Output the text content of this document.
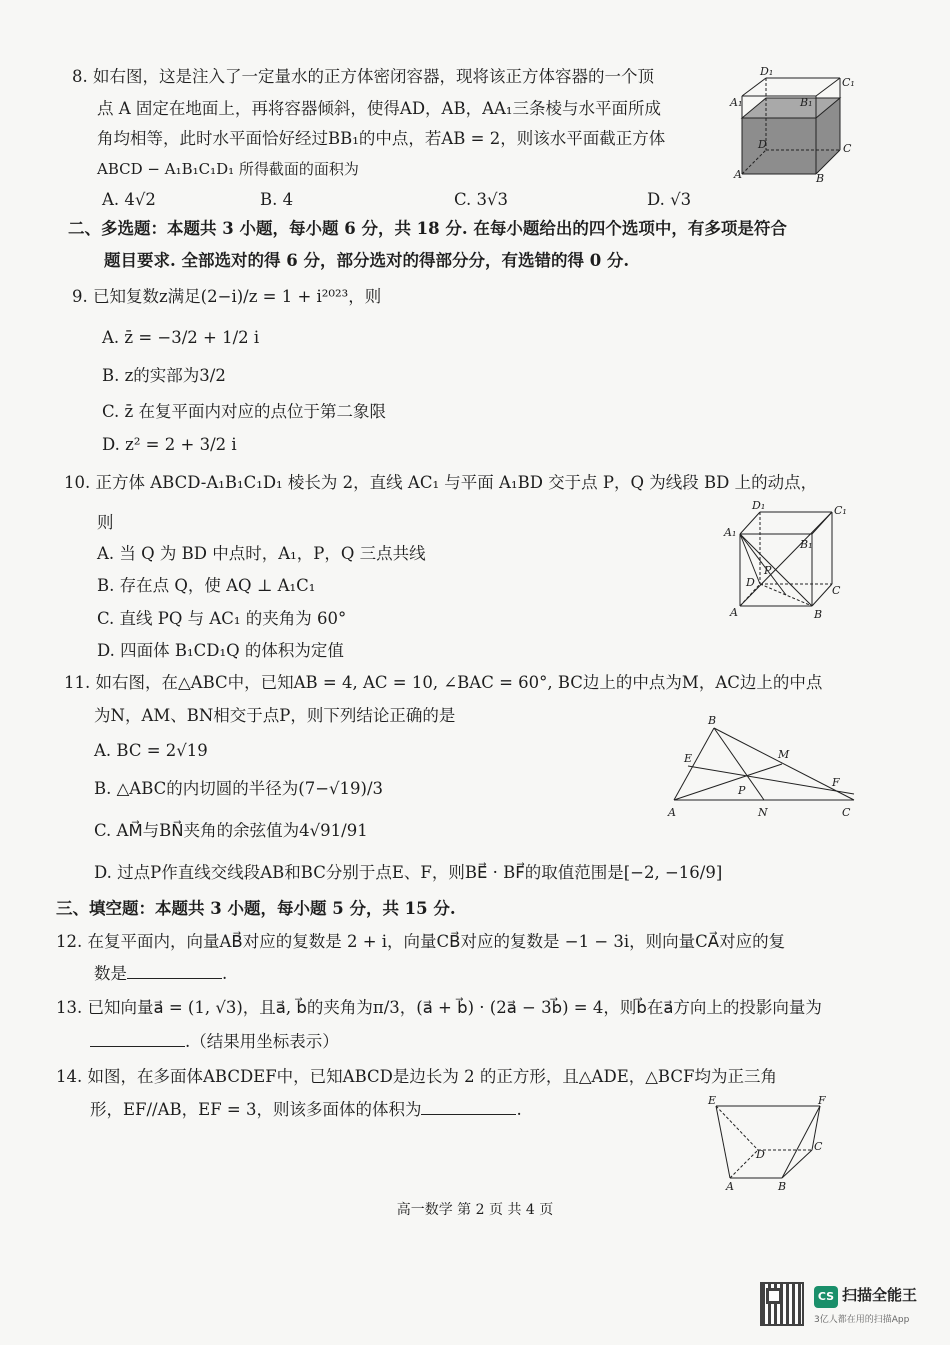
8. 如右图，这是注入了一定量水的正方体密闭容器，现将该正方体容器的一个顶
点 A 固定在地面上，再将容器倾斜，使得AD，AB，AA₁三条棱与水平面所成
角均相等，此时水平面恰好经过BB₁的中点，若AB = 2，则该水平面截正方体
ABCD − A₁B₁C₁D₁ 所得截面的面积为
A. 4√2	B. 4	C. 3√3	D. √3
D₁
C₁
A₁	B₁
D	C
A	B
二、多选题：本题共 3 小题，每小题 6 分，共 18 分. 在每小题给出的四个选项中，有多项是符合
题目要求. 全部选对的得 6 分，部分选对的得部分分，有选错的得 0 分.
9. 已知复数z满足(2−i)/z = 1 + i²⁰²³，则
A. z̄ = −3/2 + 1/2 i
B. z的实部为3/2
C. z̄ 在复平面内对应的点位于第二象限
D. z² = 2 + 3/2 i
10. 正方体 ABCD-A₁B₁C₁D₁ 棱长为 2，直线 AC₁ 与平面 A₁BD 交于点 P，Q 为线段 BD 上的动点，
则
A. 当 Q 为 BD 中点时，A₁，P，Q 三点共线
B. 存在点 Q，使 AQ ⊥ A₁C₁
C. 直线 PQ 与 AC₁ 的夹角为 60°
D. 四面体 B₁CD₁Q 的体积为定值
D₁	C₁
A₁
B₁
P
D
C
A	B
11. 如右图，在△ABC中，已知AB = 4, AC = 10, ∠BAC = 60°, BC边上的中点为M，AC边上的中点
为N，AM、BN相交于点P，则下列结论正确的是
A. BC = 2√19
B. △ABC的内切圆的半径为(7−√19)/3
C. AM⃗与BN⃗夹角的余弦值为4√91/91
D. 过点P作直线交线段AB和BC分别于点E、F，则BE⃗ · BF⃗的取值范围是[−2, −16/9]
B
E	M
P
F
A	N	C
三、填空题：本题共 3 小题，每小题 5 分，共 15 分.
12. 在复平面内，向量AB⃗对应的复数是 2 + i，向量CB⃗对应的复数是 −1 − 3i，则向量CA⃗对应的复
数是	.
13. 已知向量a⃗ = (1, √3)，且a⃗, b⃗的夹角为π/3，(a⃗ + b⃗) · (2a⃗ − 3b⃗) = 4，则b⃗在a⃗方向上的投影向量为
.（结果用坐标表示）
14. 如图，在多面体ABCDEF中，已知ABCD是边长为 2 的正方形，且△ADE，△BCF均为正三角
形，EF//AB，EF = 3，则该多面体的体积为	.	E	F
D
C
A	B
高一数学 第 2 页 共 4 页
CS 扫描全能王
3亿人都在用的扫描App
